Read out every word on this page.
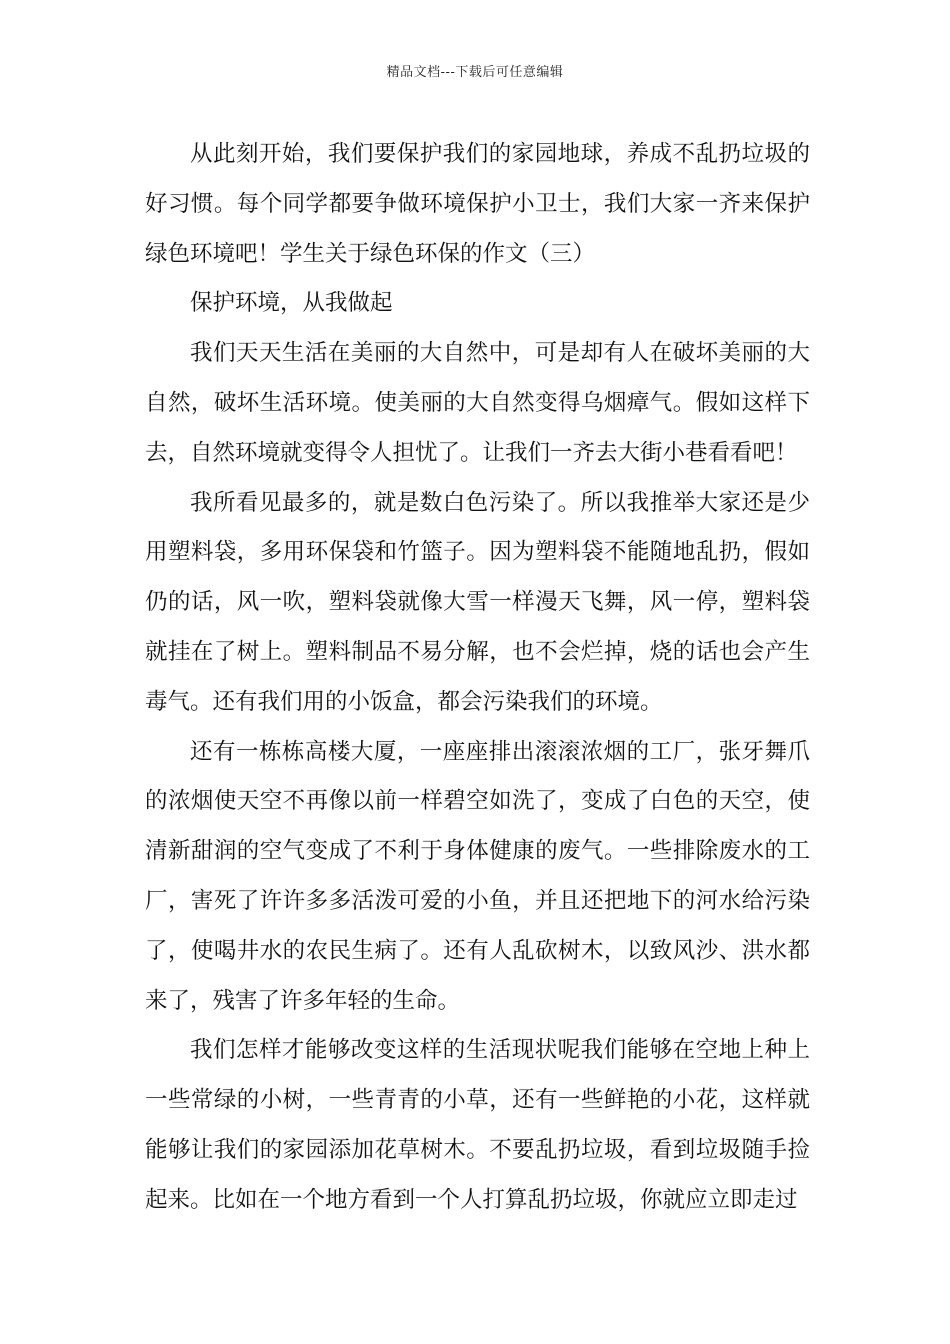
精品文档---下载后可任意编辑

从此刻开始，我们要保护我们的家园地球，养成不乱扔垃圾的好习惯。每个同学都要争做环境保护小卫士，我们大家一齐来保护绿色环境吧！学生关于绿色环保的作文（三）

保护环境，从我做起

我们天天生活在美丽的大自然中，可是却有人在破坏美丽的大自然，破坏生活环境。使美丽的大自然变得乌烟瘴气。假如这样下去，自然环境就变得令人担忧了。让我们一齐去大街小巷看看吧！

我所看见最多的，就是数白色污染了。所以我推举大家还是少用塑料袋，多用环保袋和竹篮子。因为塑料袋不能随地乱扔，假如仍的话，风一吹，塑料袋就像大雪一样漫天飞舞，风一停，塑料袋就挂在了树上。塑料制品不易分解，也不会烂掉，烧的话也会产生毒气。还有我们用的小饭盒，都会污染我们的环境。

还有一栋栋高楼大厦，一座座排出滚滚浓烟的工厂，张牙舞爪的浓烟使天空不再像以前一样碧空如洗了，变成了白色的天空，使清新甜润的空气变成了不利于身体健康的废气。一些排除废水的工厂，害死了许许多多活泼可爱的小鱼，并且还把地下的河水给污染了，使喝井水的农民生病了。还有人乱砍树木，以致风沙、洪水都来了，残害了许多年轻的生命。

我们怎样才能够改变这样的生活现状呢我们能够在空地上种上一些常绿的小树，一些青青的小草，还有一些鲜艳的小花，这样就能够让我们的家园添加花草树木。不要乱扔垃圾，看到垃圾随手捡起来。比如在一个地方看到一个人打算乱扔垃圾，你就应立即走过
